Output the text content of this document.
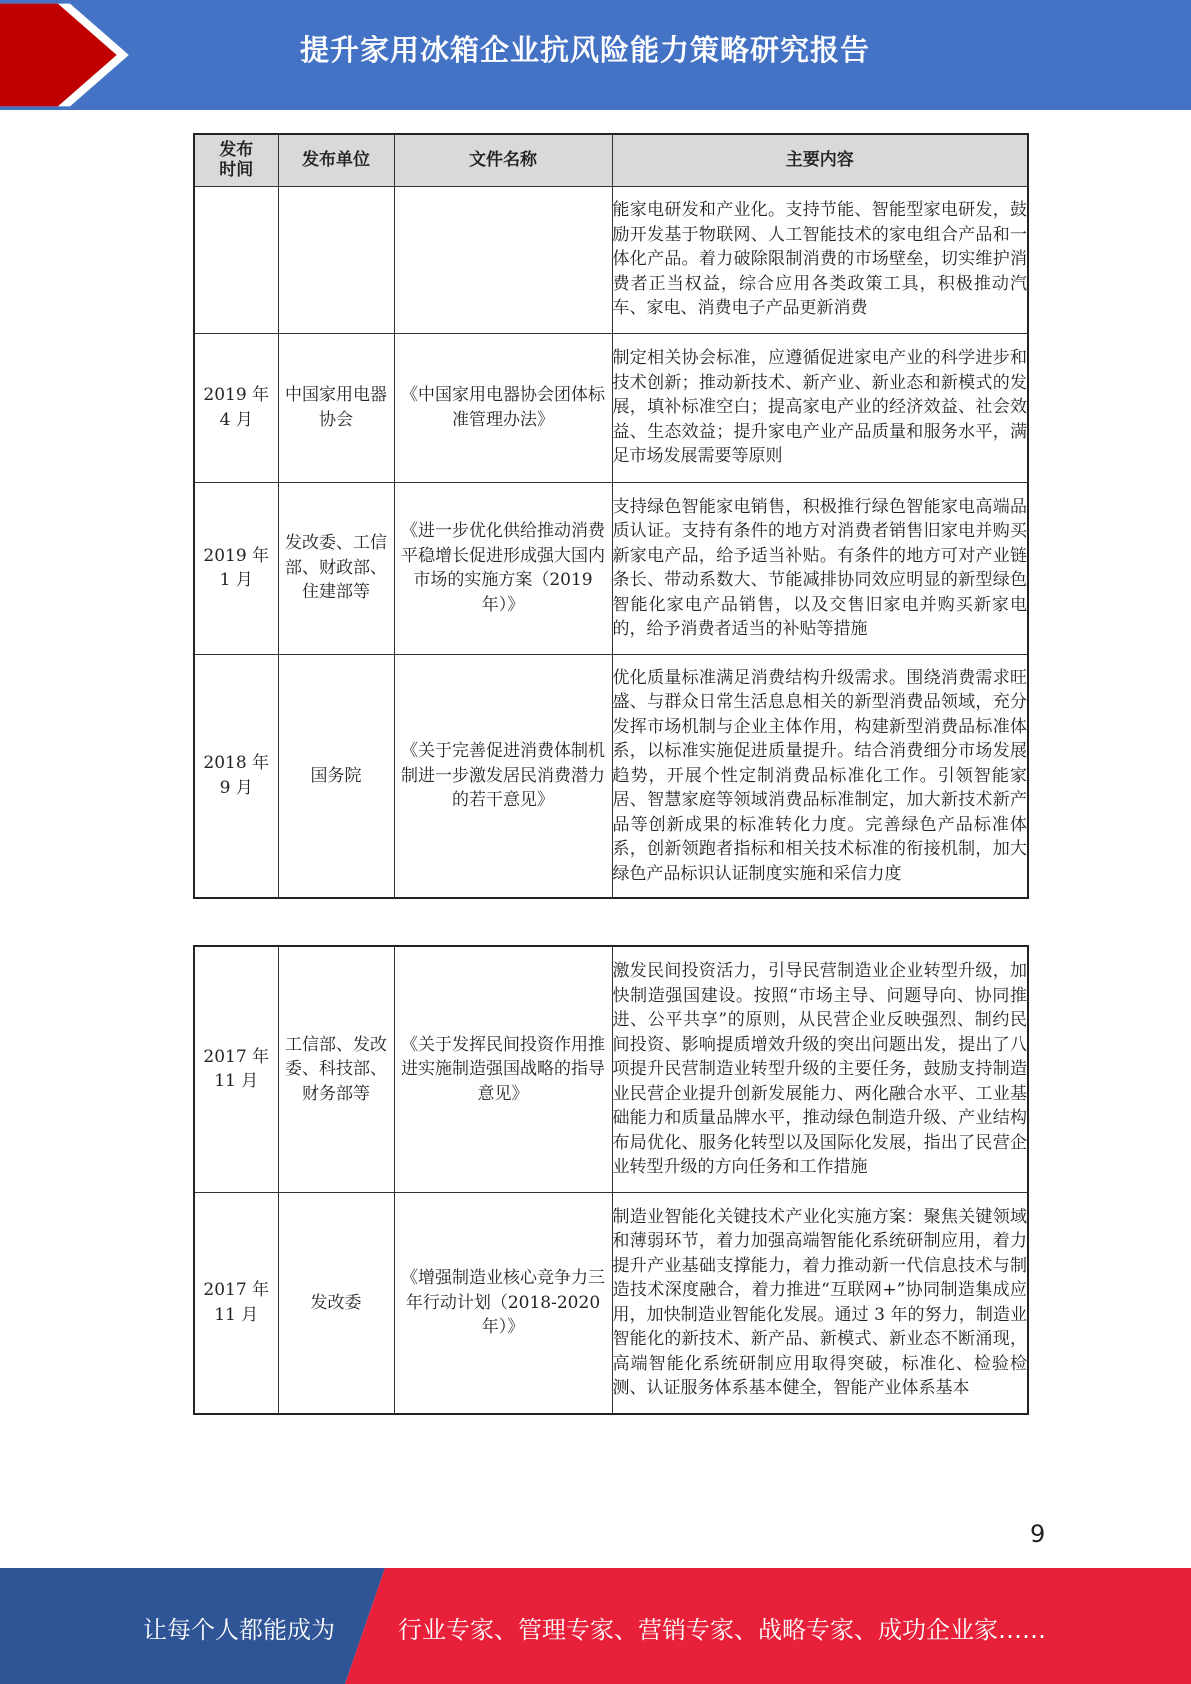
提升家用冰箱企业抗风险能力策略研究报告
发布
时间	发布单位	文件名称	主要内容
			能家电研发和产业化。支持节能、智能型家电研发，鼓励开发基于物联网、人工智能技术的家电组合产品和一体化产品。着力破除限制消费的市场壁垒，切实维护消费者正当权益，综合应用各类政策工具，积极推动汽车、家电、消费电子产品更新消费
2019 年
4 月	中国家用电器协会	《中国家用电器协会团体标准管理办法》	制定相关协会标准，应遵循促进家电产业的科学进步和技术创新；推动新技术、新产业、新业态和新模式的发展，填补标准空白；提高家电产业的经济效益、社会效益、生态效益；提升家电产业产品质量和服务水平，满足市场发展需要等原则
2019 年
1 月	发改委、工信部、财政部、住建部等	《进一步优化供给推动消费平稳增长促进形成强大国内市场的实施方案（2019 年）》	支持绿色智能家电销售，积极推行绿色智能家电高端品质认证。支持有条件的地方对消费者销售旧家电并购买新家电产品，给予适当补贴。有条件的地方可对产业链条长、带动系数大、节能减排协同效应明显的新型绿色智能化家电产品销售，以及交售旧家电并购买新家电的，给予消费者适当的补贴等措施
2018 年
9 月	国务院	《关于完善促进消费体制机制进一步激发居民消费潜力的若干意见》	优化质量标准满足消费结构升级需求。围绕消费需求旺盛、与群众日常生活息息相关的新型消费品领域，充分发挥市场机制与企业主体作用，构建新型消费品标准体系，以标准实施促进质量提升。结合消费细分市场发展趋势，开展个性定制消费品标准化工作。引领智能家居、智慧家庭等领域消费品标准制定，加大新技术新产品等创新成果的标准转化力度。完善绿色产品标准体系，创新领跑者指标和相关技术标准的衔接机制，加大绿色产品标识认证制度实施和采信力度
2017 年
11 月	工信部、发改委、科技部、财务部等	《关于发挥民间投资作用推进实施制造强国战略的指导意见》	激发民间投资活力，引导民营制造业企业转型升级，加快制造强国建设。按照“市场主导、问题导向、协同推进、公平共享”的原则，从民营企业反映强烈、制约民间投资、影响提质增效升级的突出问题出发，提出了八项提升民营制造业转型升级的主要任务，鼓励支持制造业民营企业提升创新发展能力、两化融合水平、工业基础能力和质量品牌水平，推动绿色制造升级、产业结构布局优化、服务化转型以及国际化发展，指出了民营企业转型升级的方向任务和工作措施
2017 年
11 月	发改委	《增强制造业核心竞争力三年行动计划（2018-2020 年）》	制造业智能化关键技术产业化实施方案：聚焦关键领域和薄弱环节，着力加强高端智能化系统研制应用，着力提升产业基础支撑能力，着力推动新一代信息技术与制造技术深度融合，着力推进“互联网+”协同制造集成应用，加快制造业智能化发展。通过 3 年的努力，制造业智能化的新技术、新产品、新模式、新业态不断涌现，高端智能化系统研制应用取得突破，标准化、检验检测、认证服务体系基本健全，智能产业体系基本
9
让每个人都能成为	行业专家、管理专家、营销专家、战略专家、成功企业家……
